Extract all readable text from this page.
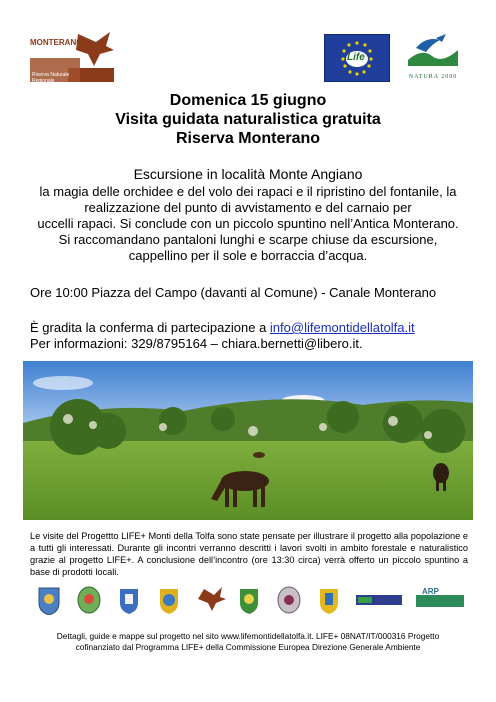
MONTERANO
Riserva Naturale Regionale
Life
NATURA 2000
Domenica 15 giugno
Visita guidata naturalistica gratuita
Riserva Monterano
Escursione in località Monte Angiano
la magia delle orchidee e del volo dei rapaci e il ripristino del fontanile, la
realizzazione del punto di avvistamento e del carnaio per
uccelli rapaci. Si conclude con un piccolo spuntino nell’Antica Monterano.
Si raccomandano pantaloni lunghi e scarpe chiuse da escursione,
cappellino per il sole e borraccia d’acqua.
Ore 10:00 Piazza del Campo (davanti al Comune) - Canale Monterano
È gradita la conferma di partecipazione a info@lifemontidellatolfa.it
Per informazioni: 329/8795164 – chiara.bernetti@libero.it.
Le visite del Progettto LIFE+ Monti della Tolfa sono state pensate per illustrare il progetto alla popolazione e a tutti gli interessati. Durante gli incontri verranno descritti i lavori svolti in ambito forestale e naturalistico grazie al progetto LIFE+. A conclusione dell’incontro (ore 13:30 circa) verrà offerto un piccolo spuntino a base di prodotti locali.
ARP
Dettagli, guide e mappe sul progetto nel sito www.lifemontidellatolfa.it. LIFE+ 08NAT/IT/000316 Progetto
cofinanziato dal Programma LIFE+ della Commissione Europea Direzione Generale Ambiente
